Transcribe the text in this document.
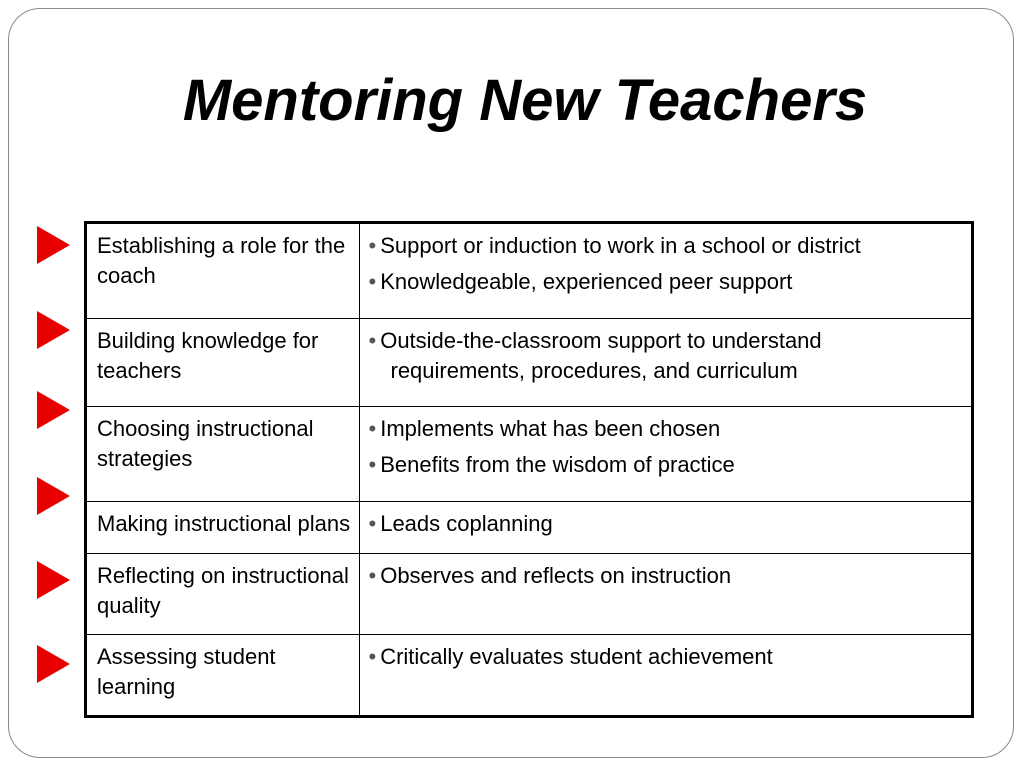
Mentoring New Teachers
Establishing a role for the coach	• Support or induction to work in a school or district
• Knowledgeable, experienced peer support

Building knowledge for teachers	• Outside-the-classroom support to understand
requirements, procedures, and curriculum

Choosing instructional strategies	• Implements what has been chosen
• Benefits from the wisdom of practice

Making instructional plans	• Leads coplanning

Reflecting on instructional quality	• Observes and reflects on instruction

Assessing student learning	• Critically evaluates student achievement
